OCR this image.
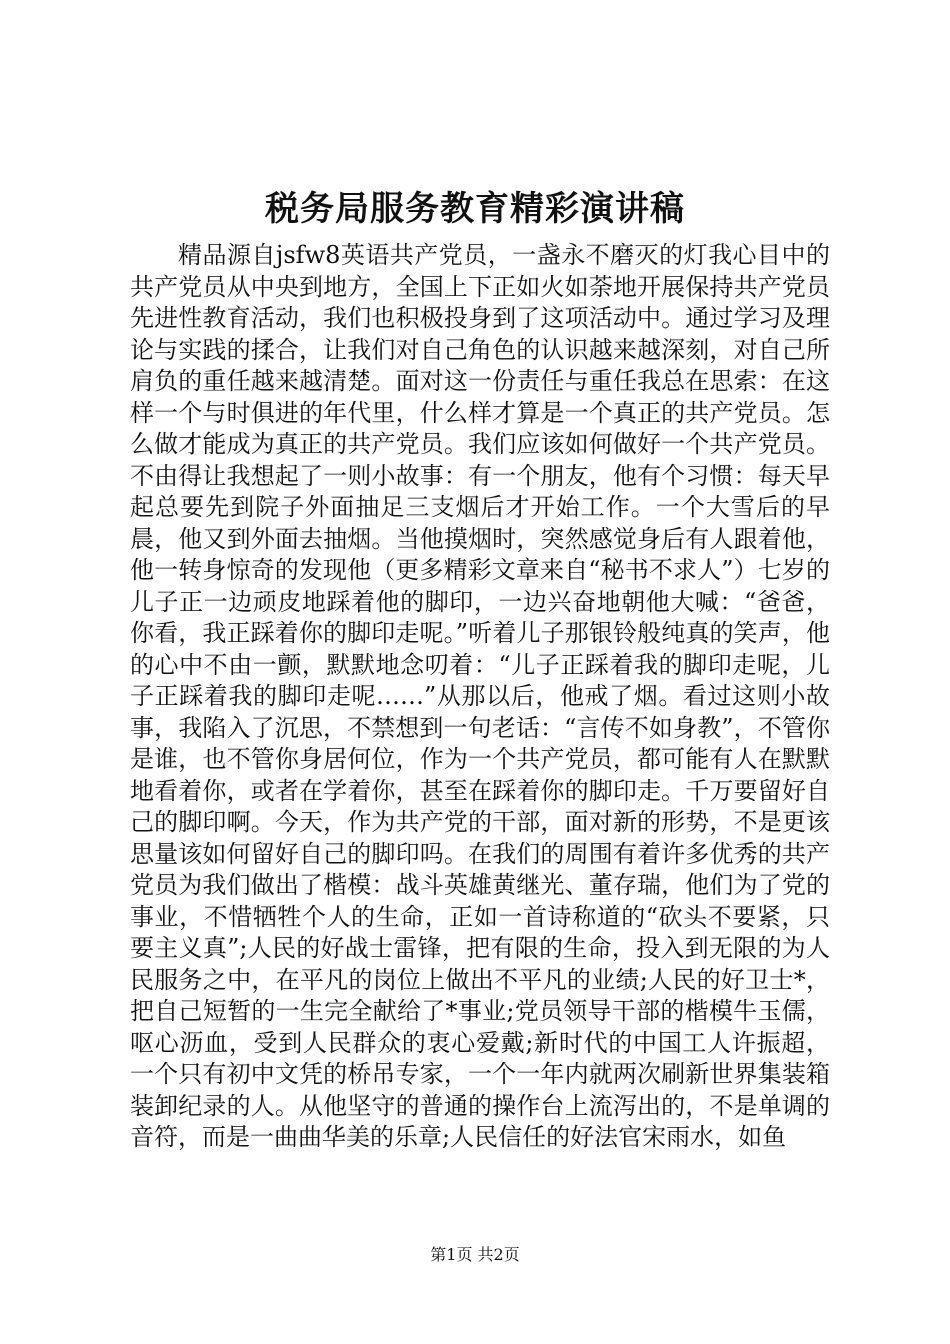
税务局服务教育精彩演讲稿

精品源自jsfw8英语共产党员，一盏永不磨灭的灯我心目中的共产党员从中央到地方，全国上下正如火如荼地开展保持共产党员先进性教育活动，我们也积极投身到了这项活动中。通过学习及理论与实践的揉合，让我们对自己角色的认识越来越深刻，对自己所肩负的重任越来越清楚。面对这一份责任与重任我总在思索：在这样一个与时俱进的年代里，什么样才算是一个真正的共产党员。怎么做才能成为真正的共产党员。我们应该如何做好一个共产党员。不由得让我想起了一则小故事：有一个朋友，他有个习惯：每天早起总要先到院子外面抽足三支烟后才开始工作。一个大雪后的早晨，他又到外面去抽烟。当他摸烟时，突然感觉身后有人跟着他，他一转身惊奇的发现他（更多精彩文章来自“秘书不求人”）七岁的儿子正一边顽皮地踩着他的脚印，一边兴奋地朝他大喊：“爸爸，你看，我正踩着你的脚印走呢。”听着儿子那银铃般纯真的笑声，他的心中不由一颤，默默地念叨着：“儿子正踩着我的脚印走呢，儿子正踩着我的脚印走呢……”从那以后，他戒了烟。看过这则小故事，我陷入了沉思，不禁想到一句老话：“言传不如身教”，不管你是谁，也不管你身居何位，作为一个共产党员，都可能有人在默默地看着你，或者在学着你，甚至在踩着你的脚印走。千万要留好自己的脚印啊。今天，作为共产党的干部，面对新的形势，不是更该思量该如何留好自己的脚印吗。在我们的周围有着许多优秀的共产党员为我们做出了楷模：战斗英雄黄继光、董存瑞，他们为了党的事业，不惜牺牲个人的生命，正如一首诗称道的“砍头不要紧，只要主义真”;人民的好战士雷锋，把有限的生命，投入到无限的为人民服务之中，在平凡的岗位上做出不平凡的业绩;人民的好卫士*，把自己短暂的一生完全献给了*事业;党员领导干部的楷模牛玉儒，呕心沥血，受到人民群众的衷心爱戴;新时代的中国工人许振超，一个只有初中文凭的桥吊专家，一个一年内就两次刷新世界集装箱装卸纪录的人。从他坚守的普通的操作台上流泻出的，不是单调的音符，而是一曲曲华美的乐章;人民信任的好法官宋雨水，如鱼

第1页 共2页
